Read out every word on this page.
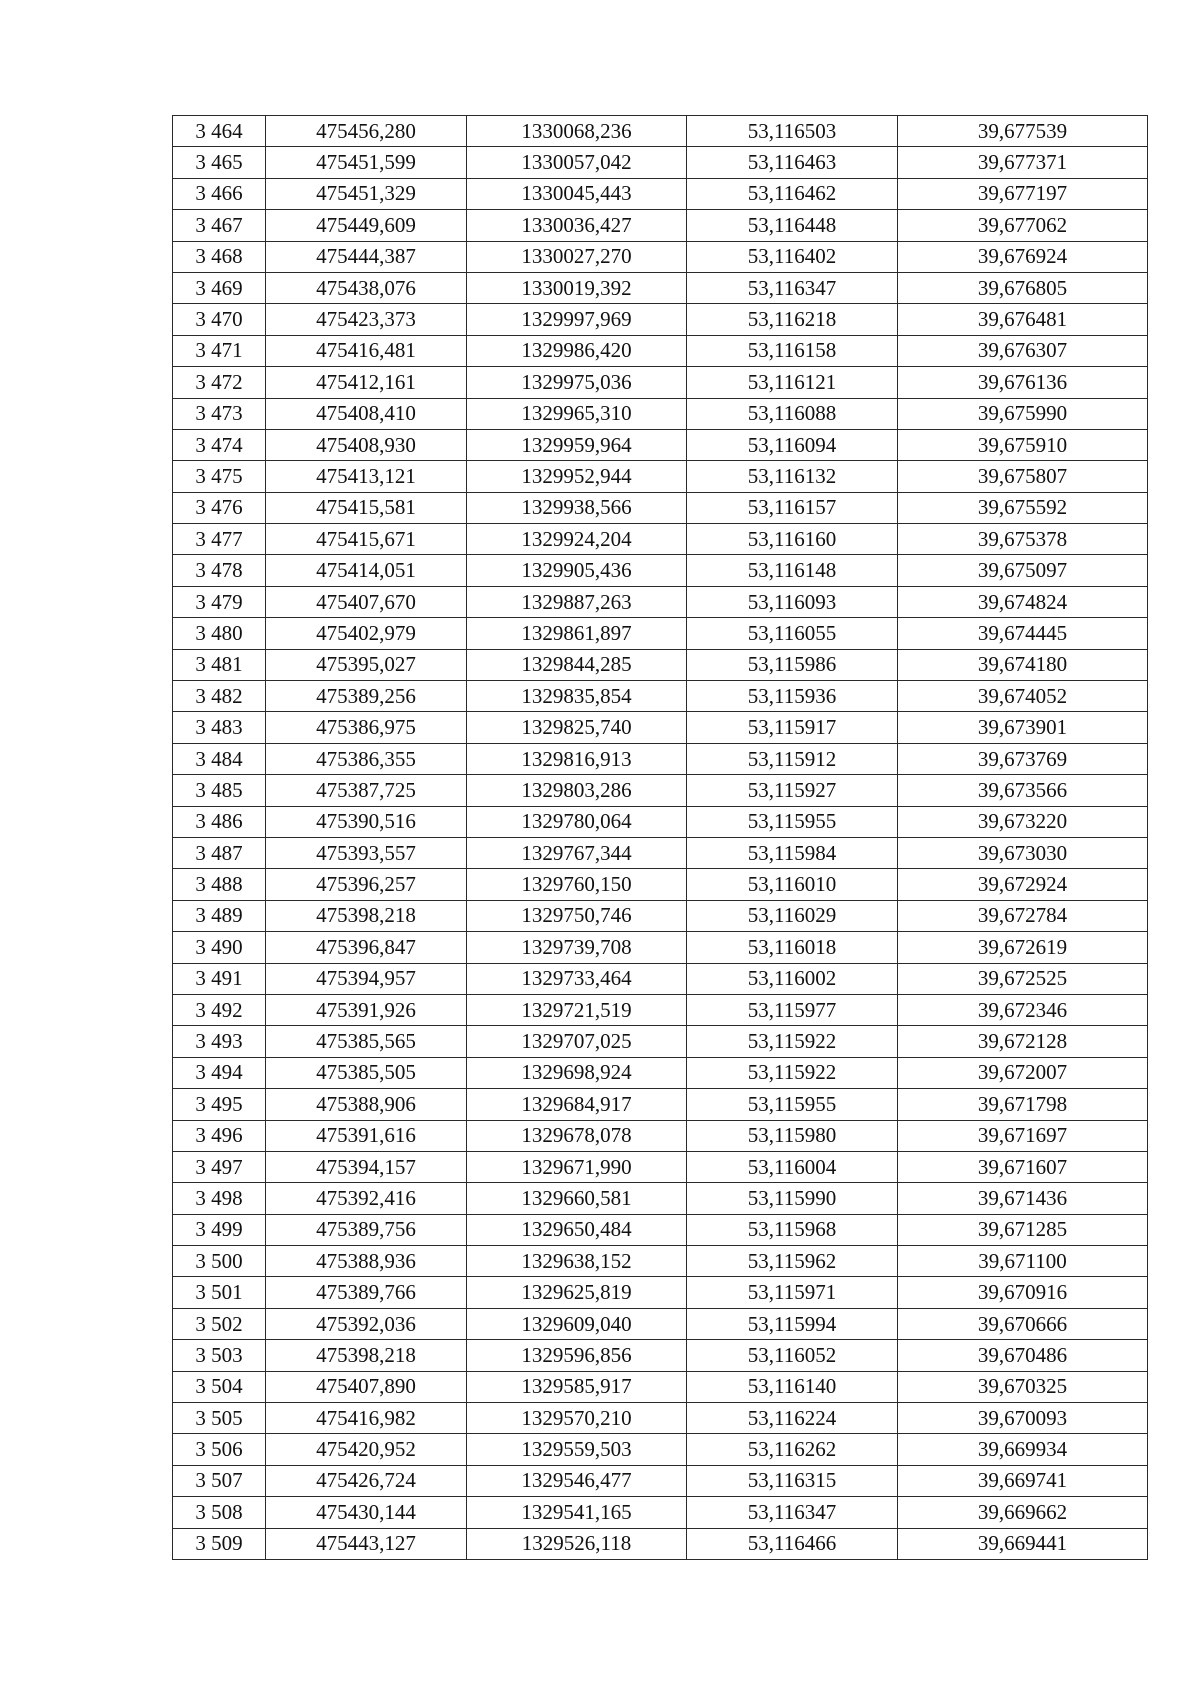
3 464	475456,280	1330068,236	53,116503	39,677539
3 465	475451,599	1330057,042	53,116463	39,677371
3 466	475451,329	1330045,443	53,116462	39,677197
3 467	475449,609	1330036,427	53,116448	39,677062
3 468	475444,387	1330027,270	53,116402	39,676924
3 469	475438,076	1330019,392	53,116347	39,676805
3 470	475423,373	1329997,969	53,116218	39,676481
3 471	475416,481	1329986,420	53,116158	39,676307
3 472	475412,161	1329975,036	53,116121	39,676136
3 473	475408,410	1329965,310	53,116088	39,675990
3 474	475408,930	1329959,964	53,116094	39,675910
3 475	475413,121	1329952,944	53,116132	39,675807
3 476	475415,581	1329938,566	53,116157	39,675592
3 477	475415,671	1329924,204	53,116160	39,675378
3 478	475414,051	1329905,436	53,116148	39,675097
3 479	475407,670	1329887,263	53,116093	39,674824
3 480	475402,979	1329861,897	53,116055	39,674445
3 481	475395,027	1329844,285	53,115986	39,674180
3 482	475389,256	1329835,854	53,115936	39,674052
3 483	475386,975	1329825,740	53,115917	39,673901
3 484	475386,355	1329816,913	53,115912	39,673769
3 485	475387,725	1329803,286	53,115927	39,673566
3 486	475390,516	1329780,064	53,115955	39,673220
3 487	475393,557	1329767,344	53,115984	39,673030
3 488	475396,257	1329760,150	53,116010	39,672924
3 489	475398,218	1329750,746	53,116029	39,672784
3 490	475396,847	1329739,708	53,116018	39,672619
3 491	475394,957	1329733,464	53,116002	39,672525
3 492	475391,926	1329721,519	53,115977	39,672346
3 493	475385,565	1329707,025	53,115922	39,672128
3 494	475385,505	1329698,924	53,115922	39,672007
3 495	475388,906	1329684,917	53,115955	39,671798
3 496	475391,616	1329678,078	53,115980	39,671697
3 497	475394,157	1329671,990	53,116004	39,671607
3 498	475392,416	1329660,581	53,115990	39,671436
3 499	475389,756	1329650,484	53,115968	39,671285
3 500	475388,936	1329638,152	53,115962	39,671100
3 501	475389,766	1329625,819	53,115971	39,670916
3 502	475392,036	1329609,040	53,115994	39,670666
3 503	475398,218	1329596,856	53,116052	39,670486
3 504	475407,890	1329585,917	53,116140	39,670325
3 505	475416,982	1329570,210	53,116224	39,670093
3 506	475420,952	1329559,503	53,116262	39,669934
3 507	475426,724	1329546,477	53,116315	39,669741
3 508	475430,144	1329541,165	53,116347	39,669662
3 509	475443,127	1329526,118	53,116466	39,669441
